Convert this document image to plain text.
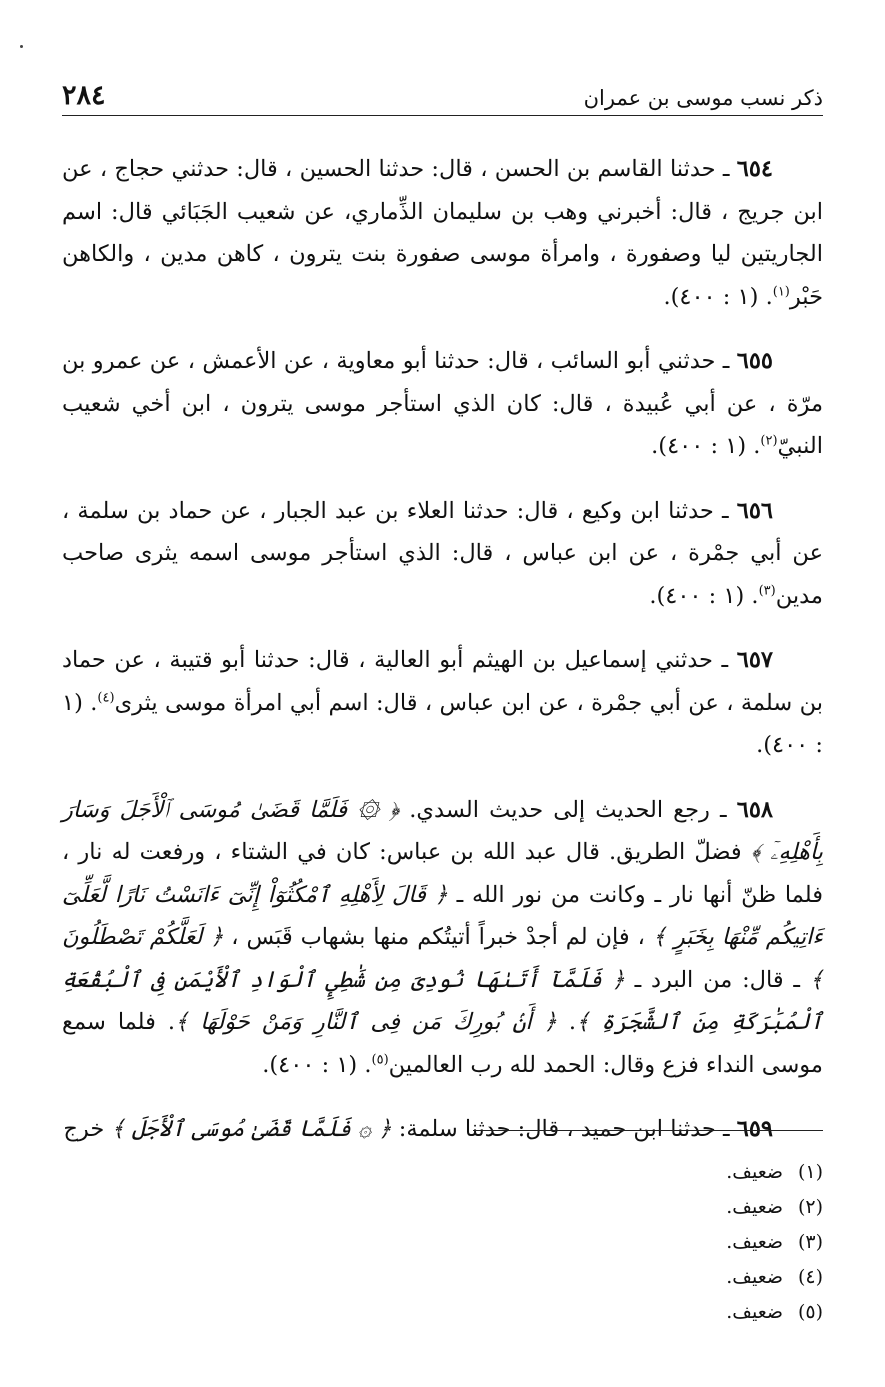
ذكر نسب موسى بن عمران
٢٨٤

٦٥٤ ـ حدثنا القاسم بن الحسن ، قال: حدثنا الحسين ، قال: حدثني حجاج ، عن ابن جريج ، قال: أخبرني وهب بن سليمان الذِّماري، عن شعيب الجَبَائي قال: اسم الجاريتين ليا وصفورة ، وامرأة موسى صفورة بنت يترون ، كاهن مدين ، والكاهن حَبْر$^{(١)}$. (١ : ٤٠٠).

٦٥٥ ـ حدثني أبو السائب ، قال: حدثنا أبو معاوية ، عن الأعمش ، عن عمرو بن مرّة ، عن أبي عُبيدة ، قال: كان الذي استأجر موسى يترون ، ابن أخي شعيب النبيّ$^{(٢)}$. (١ : ٤٠٠).

٦٥٦ ـ حدثنا ابن وكيع ، قال: حدثنا العلاء بن عبد الجبار ، عن حماد بن سلمة ، عن أبي جمْرة ، عن ابن عباس ، قال: الذي استأجر موسى اسمه يثرى صاحب مدين$^{(٣)}$. (١ : ٤٠٠).

٦٥٧ ـ حدثني إسماعيل بن الهيثم أبو العالية ، قال: حدثنا أبو قتيبة ، عن حماد بن سلمة ، عن أبي جمْرة ، عن ابن عباس ، قال: اسم أبي امرأة موسى يثرى$^{(٤)}$. (١ : ٤٠٠).

٦٥٨ ـ رجع الحديث إلى حديث السدي. ﴿ ۞ فَلَمَّا قَضَىٰ مُوسَى ٱلْأَجَلَ وَسَارَ بِأَهْلِهِۦٓ ﴾ فضلّ الطريق. قال عبد الله بن عباس: كان في الشتاء ، ورفعت له نار ، فلما ظنّ أنها نار ـ وكانت من نور الله ـ ﴿ قَالَ لِأَهْلِهِ ٱمْكُثُوٓاْ إِنِّىٓ ءَانَسْتُ نَارًا لَّعَلِّىٓ ءَاتِيكُم مِّنْهَا بِخَبَرٍ ﴾ ، فإن لم أجدْ خبراً أتيتُكم منها بشهاب قَبَس ، ﴿ لَعَلَّكُمْ تَصْطَلُونَ ﴾ ـ قال: من البرد ـ ﴿ فَلَمَّآ أَتَىٰهَا نُودِىَ مِن شَٰطِىِٕ ٱلْوَادِ ٱلْأَيْمَنِ فِى ٱلْبُقْعَةِ ٱلْمُبَٰرَكَةِ مِنَ ٱلشَّجَرَةِ ﴾. ﴿ أَنۢ بُورِكَ مَن فِى ٱلنَّارِ وَمَنْ حَوْلَهَا ﴾. فلما سمع موسى النداء فزع وقال: الحمد لله رب العالمين$^{(٥)}$. (١ : ٤٠٠).

٦٥٩ ـ حدثنا ابن حميد ، قال: حدثنا سلمة: ﴿ ۞ فَلَمَّا قَضَىٰ مُوسَى ٱلْأَجَلَ ﴾ خرج

(١)ضعيف.
(٢)ضعيف.
(٣)ضعيف.
(٤)ضعيف.
(٥)ضعيف.
